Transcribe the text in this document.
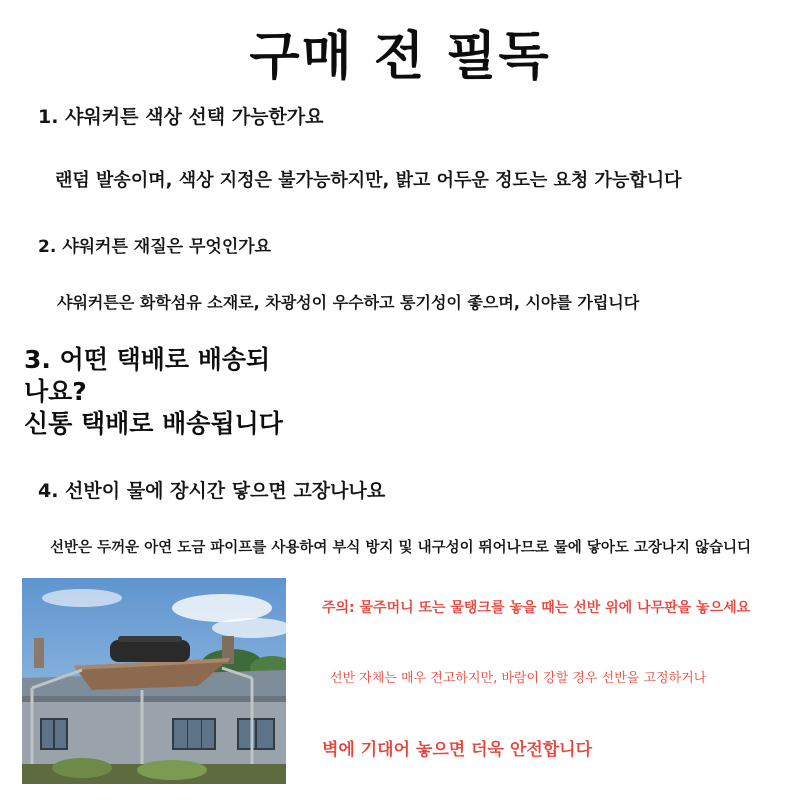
구매 전 필독
1. 샤워커튼 색상 선택 가능한가요
랜덤 발송이며, 색상 지정은 불가능하지만, 밝고 어두운 정도는 요청 가능합니다
2. 샤워커튼 재질은 무엇인가요
샤워커튼은 화학섬유 소재로, 차광성이 우수하고 통기성이 좋으며, 시야를 가립니다
3. 어떤 택배로 배송되
나요?
신통 택배로 배송됩니다
4. 선반이 물에 장시간 닿으면 고장나나요
선반은 두꺼운 아연 도금 파이프를 사용하여 부식 방지 및 내구성이 뛰어나므로 물에 닿아도 고장나지 않습니디
주의: 물주머니 또는 물탱크를 놓을 때는 선반 위에 나무판을 놓으세요
선반 자체는 매우 견고하지만, 바람이 강할 경우 선반을 고정하거나
벽에 기대어 놓으면 더욱 안전합니다
